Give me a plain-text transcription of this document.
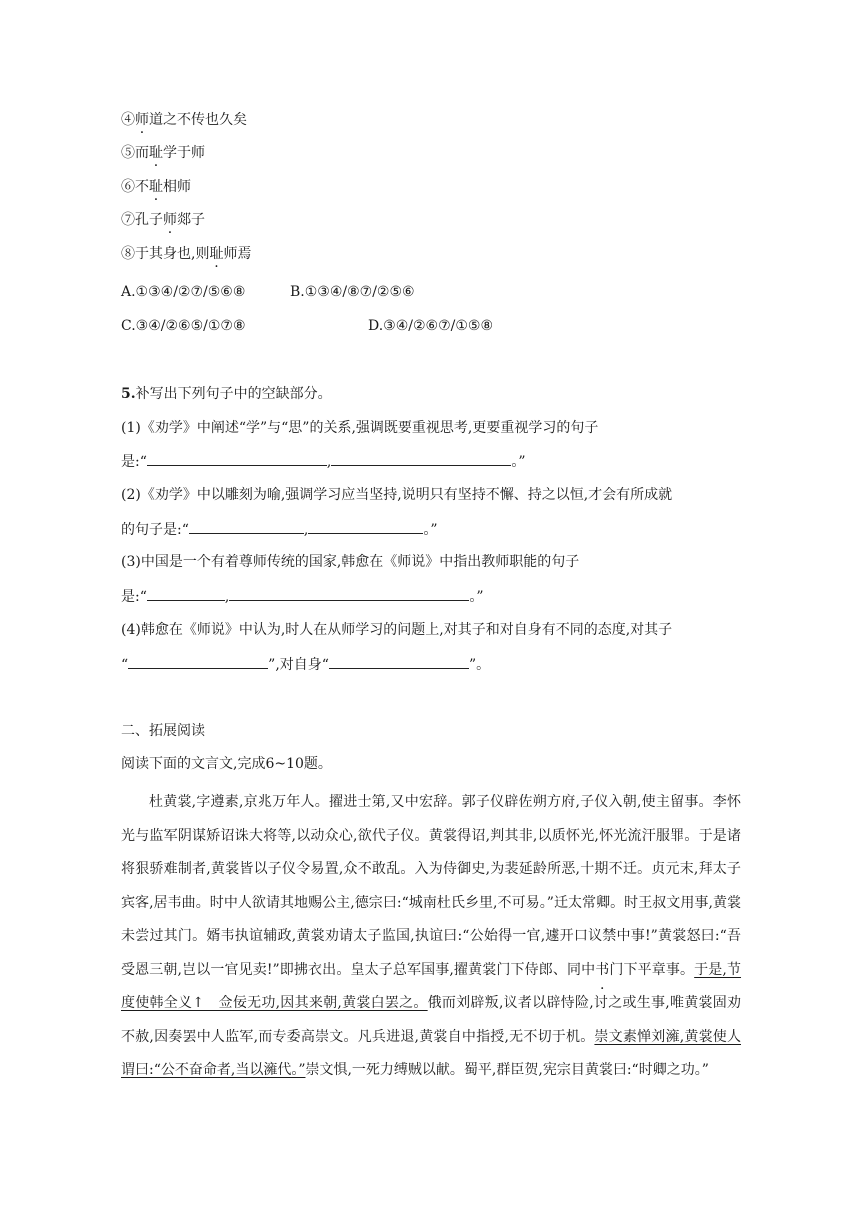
④师道之不传也久矣
⑤而耻学于师
⑥不耻相师
⑦孔子师郯子
⑧于其身也,则耻师焉
A.①③④/②⑦/⑤⑥⑧	B.①③④/⑧⑦/②⑤⑥
C.③④/②⑥⑤/①⑦⑧	D.③④/②⑥⑦/①⑤⑧
5.补写出下列句子中的空缺部分。
(1)《劝学》中阐述“学”与“思”的关系,强调既要重视思考,更要重视学习的句子
是:“	,	。”
(2)《劝学》中以雕刻为喻,强调学习应当坚持,说明只有坚持不懈、持之以恒,才会有所成就
的句子是:“	,	。”
(3)中国是一个有着尊师传统的国家,韩愈在《师说》中指出教师职能的句子
是:“	,	。”
(4)韩愈在《师说》中认为,时人在从师学习的问题上,对其子和对自身有不同的态度,对其子
“	”,对自身“	”。
二、拓展阅读
阅读下面的文言文,完成6~10题。
杜黄裳,字遵素,京兆万年人。擢进士第,又中宏辞。郭子仪辟佐朔方府,子仪入朝,使主留事。李怀光与监军阴谋矫诏诛大将等,以动众心,欲代子仪。黄裳得诏,判其非,以质怀光,怀光流汗服罪。于是诸将狠骄难制者,黄裳皆以子仪令易置,众不敢乱。入为侍御史,为裴延龄所恶,十期不迁。贞元末,拜太子宾客,居韦曲。时中人欲请其地赐公主,德宗曰:“城南杜氏乡里,不可易。”迁太常卿。时王叔文用事,黄裳未尝过其门。婿韦执谊辅政,黄裳劝请太子监国,执谊曰:“公始得一官,遽开口议禁中事!”黄裳怒曰:“吾受恩三朝,岂以一官见卖!”即拂衣出。皇太子总军国事,擢黄裳门下侍郎、同中书门下平章事。于是,节度使韩全义↑　佥佞无功,因其来朝,黄裳白罢之。俄而刘辟叛,议者以辟恃险,讨之或生事,唯黄裳固劝不赦,因奏罢中人监军,而专委高崇文。凡兵进退,黄裳自中指授,无不切于机。崇文素惮刘澭,黄裳使人谓曰:“公不奋命者,当以澭代。”崇文惧,一死力缚贼以献。蜀平,群臣贺,宪宗目黄裳曰:“时卿之功。”
